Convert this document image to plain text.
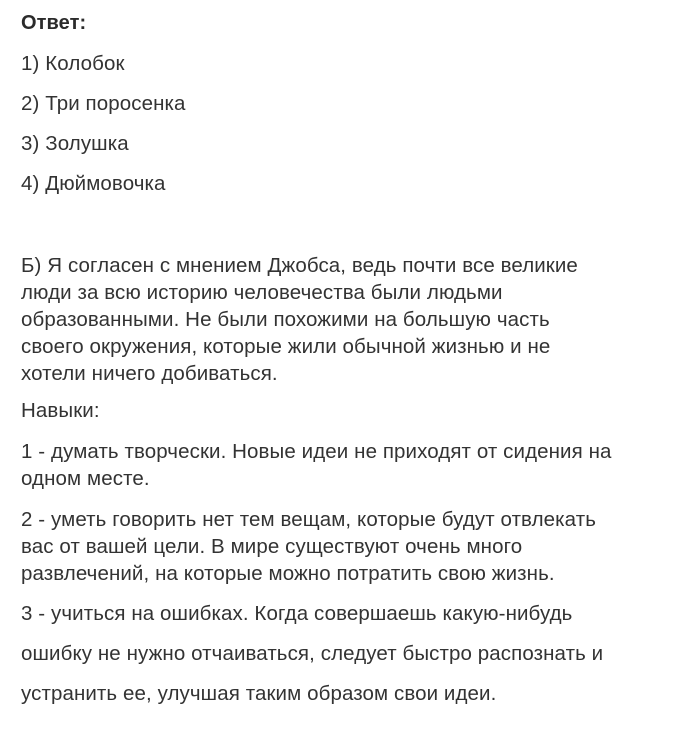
Ответ:
1) Колобок
2) Три поросенка
3) Золушка
4) Дюймовочка
Б) Я согласен с мнением Джобса, ведь почти все великие
люди за всю историю человечества были людьми
образованными. Не были похожими на большую часть
своего окружения, которые жили обычной жизнью и не
хотели ничего добиваться.
Навыки:
1 - думать творчески. Новые идеи не приходят от сидения на
одном месте.
2 - уметь говорить нет тем вещам, которые будут отвлекать
вас от вашей цели. В мире существуют очень много
развлечений, на которые можно потратить свою жизнь.
3 - учиться на ошибках. Когда совершаешь какую-нибудь
ошибку не нужно отчаиваться, следует быстро распознать и
устранить ее, улучшая таким образом свои идеи.
